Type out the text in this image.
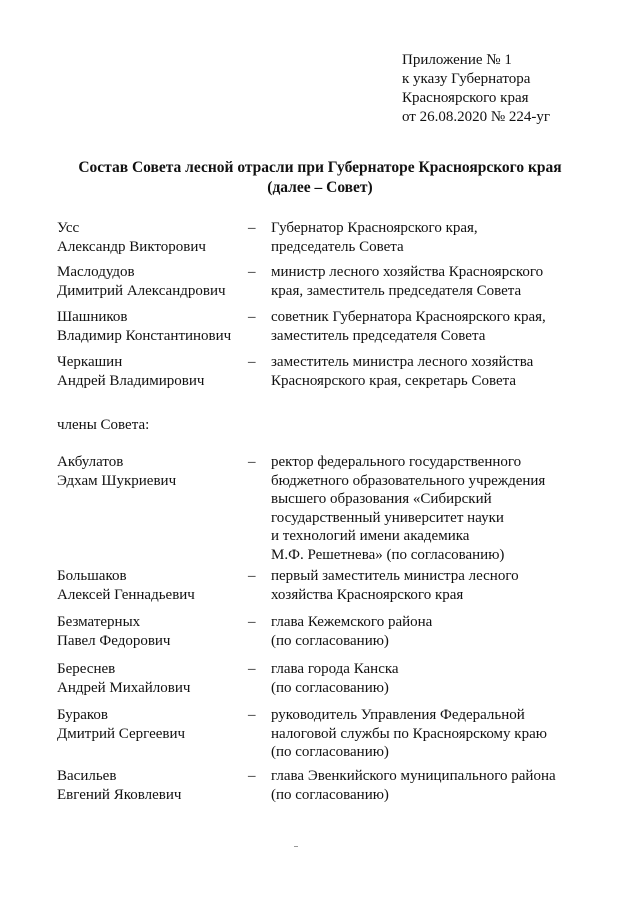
Приложение № 1
к указу Губернатора
Красноярского края
от 26.08.2020 № 224-уг
Состав Совета лесной отрасли при Губернаторе Красноярского края
(далее – Совет)
Усс
Александр Викторович
– Губернатор Красноярского края,
председатель Совета
Маслодудов
Димитрий Александрович
– министр лесного хозяйства Красноярского
края, заместитель председателя Совета
Шашников
Владимир Константинович
– советник Губернатора Красноярского края,
заместитель председателя Совета
Черкашин
Андрей Владимирович
– заместитель министра лесного хозяйства
Красноярского края, секретарь Совета
члены Совета:
Акбулатов
Эдхам Шукриевич
– ректор федерального государственного
бюджетного образовательного учреждения
высшего образования «Сибирский
государственный университет науки
и технологий имени академика
М.Ф. Решетнева» (по согласованию)
Большаков
Алексей Геннадьевич
– первый заместитель министра лесного
хозяйства Красноярского края
Безматерных
Павел Федорович
– глава Кежемского района
(по согласованию)
Береснев
Андрей Михайлович
– глава города Канска
(по согласованию)
Бураков
Дмитрий Сергеевич
– руководитель Управления Федеральной
налоговой службы по Красноярскому краю
(по согласованию)
Васильев
Евгений Яковлевич
– глава Эвенкийского муниципального района
(по согласованию)
